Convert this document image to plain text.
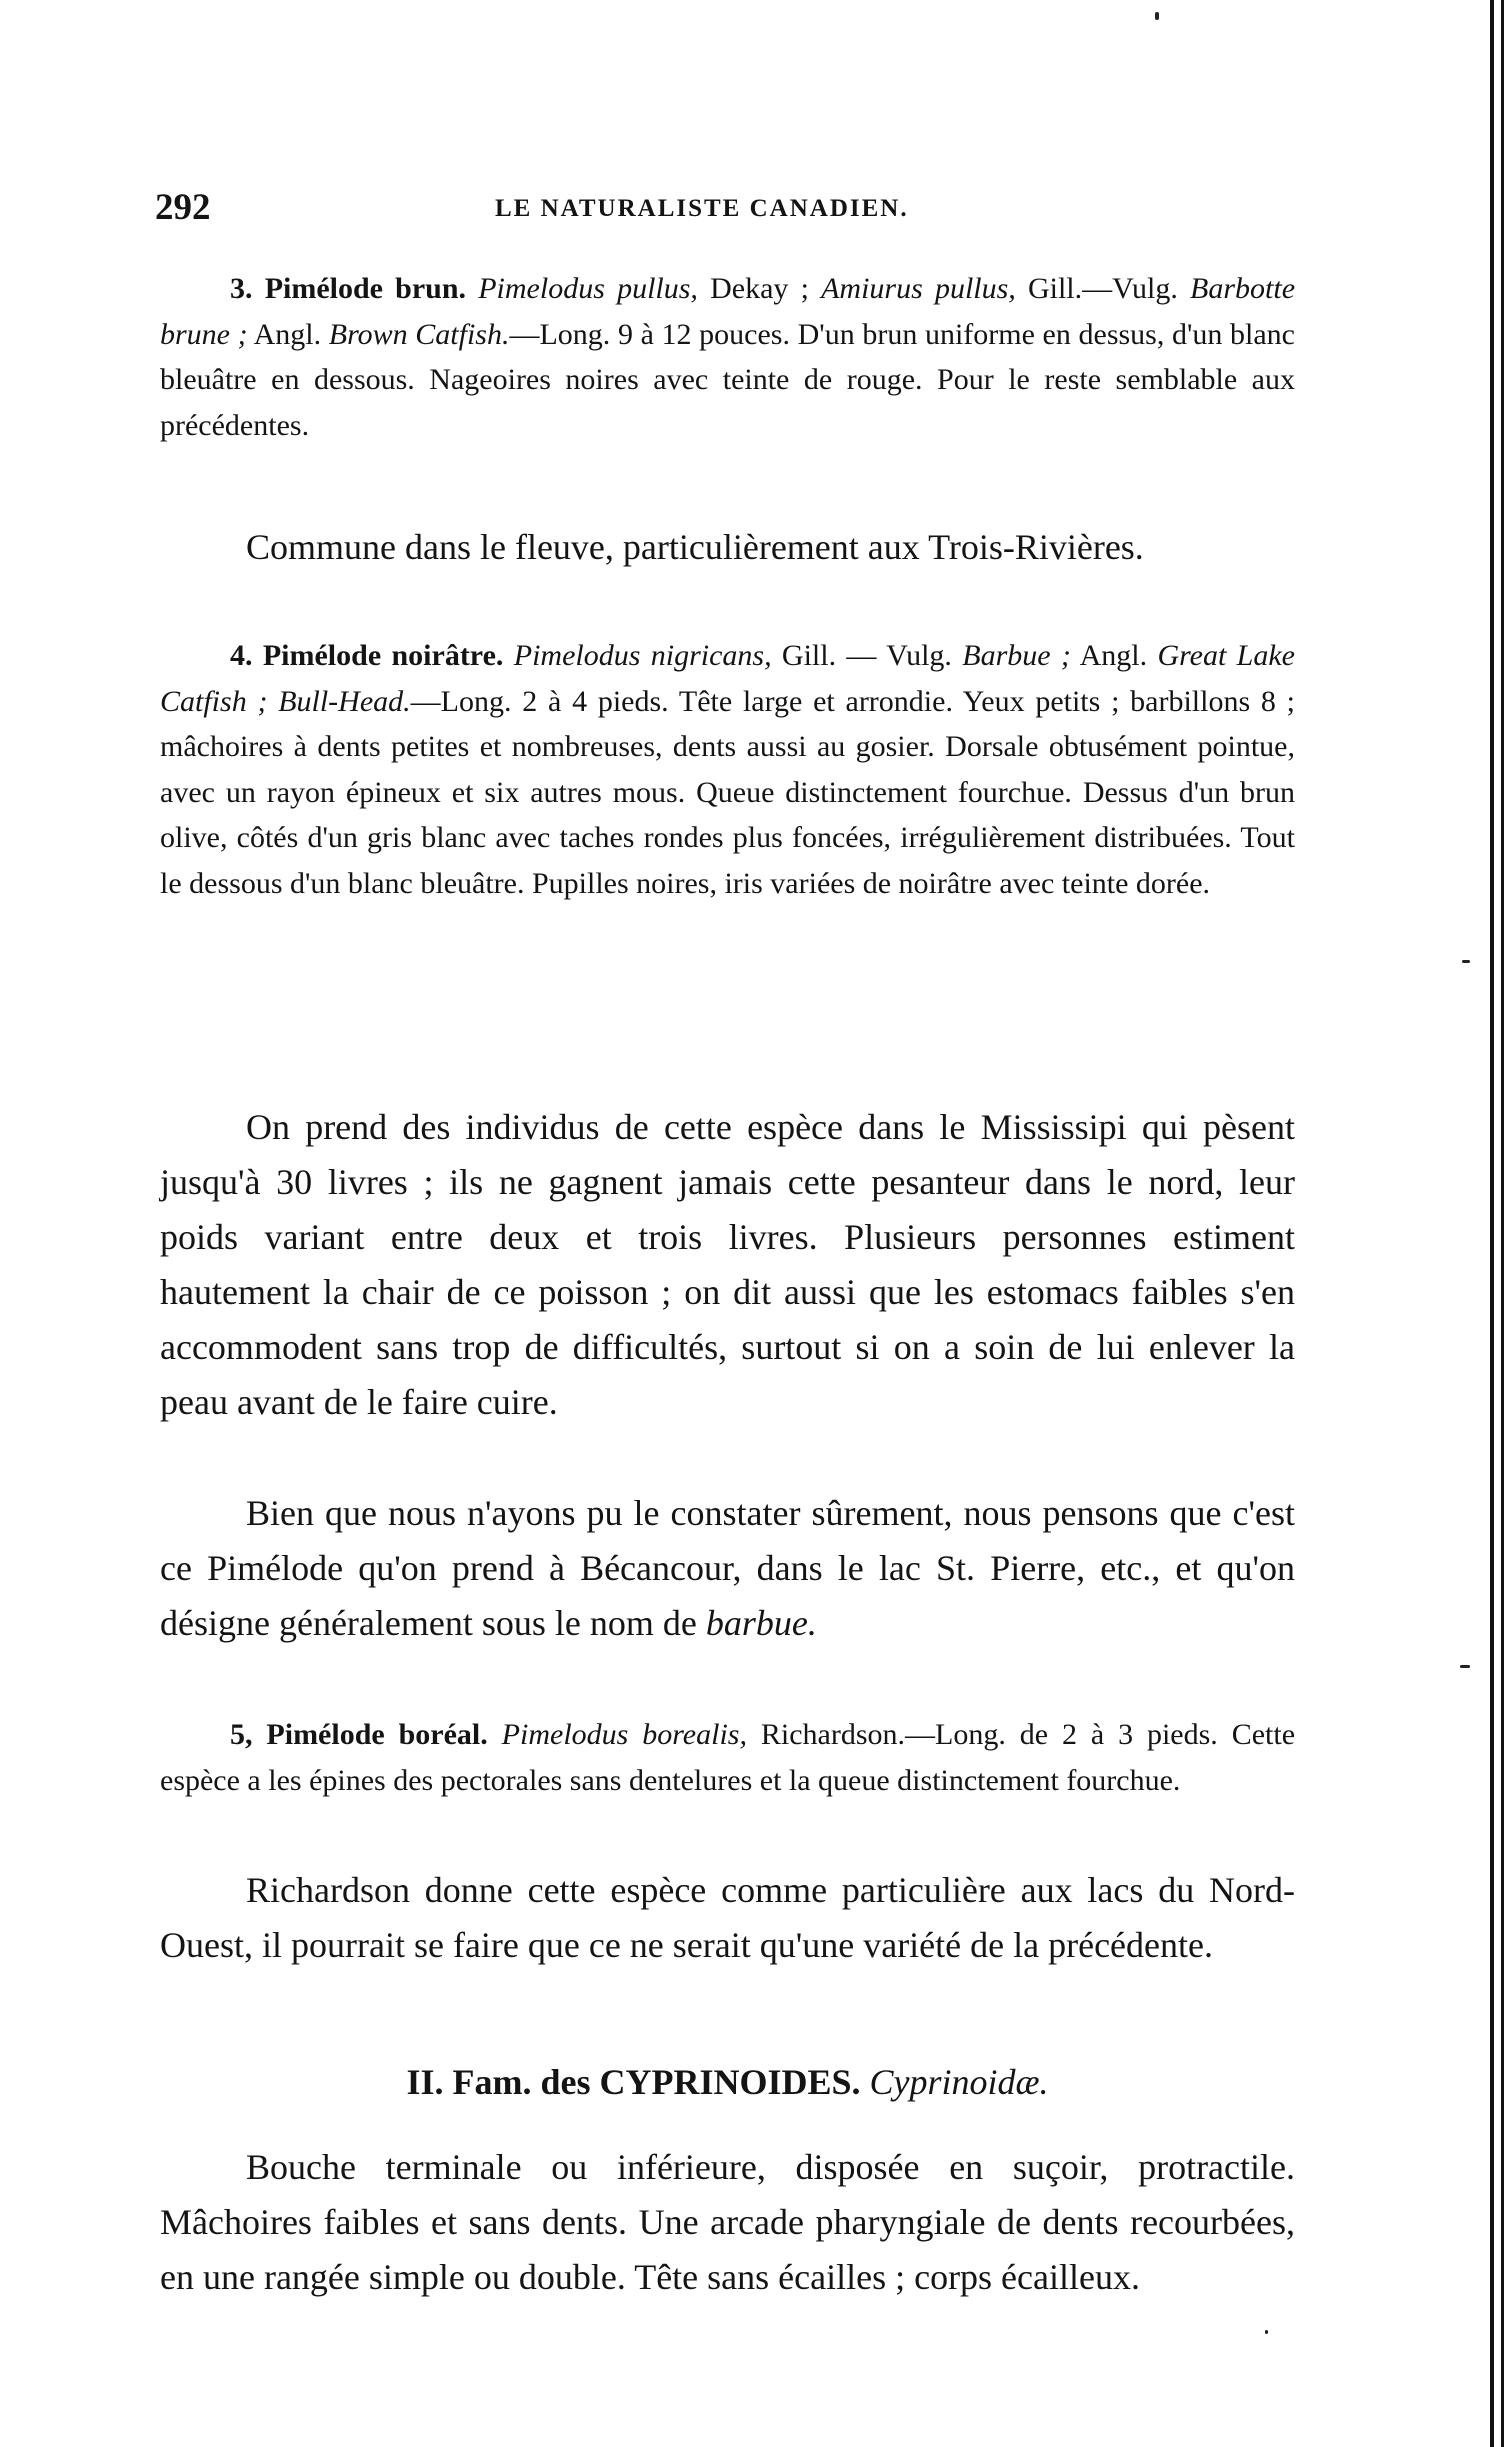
292	LE NATURALISTE CANADIEN.

3. Pimélode brun. Pimelodus pullus, Dekay ; Amiurus pullus, Gill.—Vulg. Barbotte brune ; Angl. Brown Catfish.—Long. 9 à 12 pouces. D'un brun uniforme en dessus, d'un blanc bleuâtre en dessous. Nageoires noires avec teinte de rouge. Pour le reste semblable aux précédentes.

Commune dans le fleuve, particulièrement aux Trois-Rivières.

4. Pimélode noirâtre. Pimelodus nigricans, Gill. — Vulg. Barbue ; Angl. Great Lake Catfish ; Bull-Head.—Long. 2 à 4 pieds. Tête large et arrondie. Yeux petits ; barbillons 8 ; mâchoires à dents petites et nombreuses, dents aussi au gosier. Dorsale obtusément pointue, avec un rayon épineux et six autres mous. Queue distinctement fourchue. Dessus d'un brun olive, côtés d'un gris blanc avec taches rondes plus foncées, irrégulièrement distribuées. Tout le dessous d'un blanc bleuâtre. Pupilles noires, iris variées de noirâtre avec teinte dorée.

On prend des individus de cette espèce dans le Mississipi qui pèsent jusqu'à 30 livres ; ils ne gagnent jamais cette pesanteur dans le nord, leur poids variant entre deux et trois livres. Plusieurs personnes estiment hautement la chair de ce poisson ; on dit aussi que les estomacs faibles s'en accommodent sans trop de difficultés, surtout si on a soin de lui enlever la peau avant de le faire cuire.

Bien que nous n'ayons pu le constater sûrement, nous pensons que c'est ce Pimélode qu'on prend à Bécancour, dans le lac St. Pierre, etc., et qu'on désigne généralement sous le nom de barbue.

5, Pimélode boréal. Pimelodus borealis, Richardson.—Long. de 2 à 3 pieds. Cette espèce a les épines des pectorales sans dentelures et la queue distinctement fourchue.

Richardson donne cette espèce comme particulière aux lacs du Nord-Ouest, il pourrait se faire que ce ne serait qu'une variété de la précédente.

II. Fam. des CYPRINOIDES. Cyprinoidæ.

Bouche terminale ou inférieure, disposée en suçoir, protractile. Mâchoires faibles et sans dents. Une arcade pharyngiale de dents recourbées, en une rangée simple ou double. Tête sans écailles ; corps écailleux.
